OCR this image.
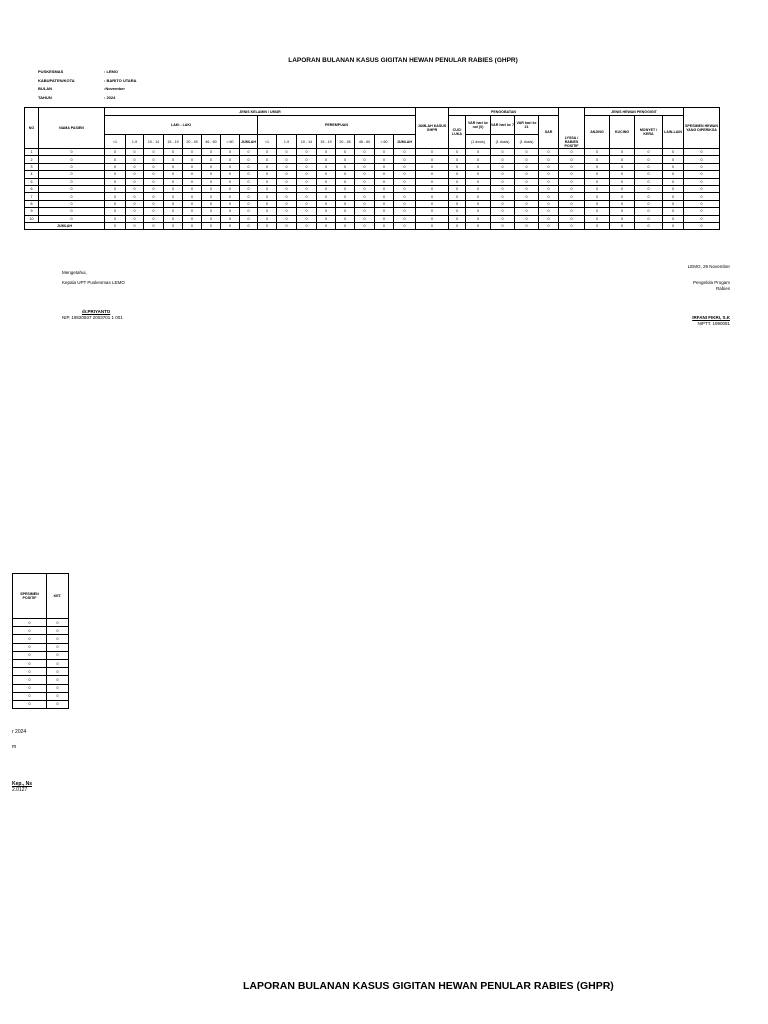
LAPORAN BULANAN KASUS GIGITAN HEWAN PENULAR RABIES (GHPR)
PUSKESMAS	: LEMO
KABUPATEN/KOTA	: BARITO UTARA
BULAN	:November
TAHUN	: 2024
NO	NAMA PASIEN	JENIS KELAMIN / UMUR																JUMLAH KASUS GHPR	PENGOBATAN					LYSSA / RABIES POSITIF	JENIS HEWAN PENGGIGIT				SPESIMEN HEWAN YANG DIPERIKSA
		LAKI - LAKI								PEREMPUAN									CUCI LUKA	VAR hari ke nol (0)	VAR hari ke 7	VAR hari ke 21	SAR		ANJING	KUCING	MONYET / KERA	LAIN-LAIN	
		<1	1-9	10 - 14	15 - 19	20 - 45	46 - 60	> 60	JUMLAH	<1	1-9	10 - 14	15 - 19	20 - 45	46 - 60	> 60	JUMLAH			(1 dosis)	(1 dosis)	(1 dosis)							
1	0	0	0	0	0	0	0	0	0	0	0	0	0	0	0	0	0	0	0	0	0	0	0	0	0	0	0	0	0
2	0	0	0	0	0	0	0	0	0	0	0	0	0	0	0	0	0	0	0	0	0	0	0	0	0	0	0	0	0
3	0	0	0	0	0	0	0	0	0	0	0	0	0	0	0	0	0	0	0	0	0	0	0	0	0	0	0	0	0
4	0	0	0	0	0	0	0	0	0	0	0	0	0	0	0	0	0	0	0	0	0	0	0	0	0	0	0	0	0
5	0	0	0	0	0	0	0	0	0	0	0	0	0	0	0	0	0	0	0	0	0	0	0	0	0	0	0	0	0
6	0	0	0	0	0	0	0	0	0	0	0	0	0	0	0	0	0	0	0	0	0	0	0	0	0	0	0	0	0
7	0	0	0	0	0	0	0	0	0	0	0	0	0	0	0	0	0	0	0	0	0	0	0	0	0	0	0	0	0
8	0	0	0	0	0	0	0	0	0	0	0	0	0	0	0	0	0	0	0	0	0	0	0	0	0	0	0	0	0
9	0	0	0	0	0	0	0	0	0	0	0	0	0	0	0	0	0	0	0	0	0	0	0	0	0	0	0	0	0
10	0	0	0	0	0	0	0	0	0	0	0	0	0	0	0	0	0	0	0	0	0	0	0	0	0	0	0	0	0
JUMLAH		0	0	0	0	0	0	0	0	0	0	0	0	0	0	0	0	0	0	0	0	0	0	0	0	0	0	0	0
Mengetahui,
Kepala UPT Puskesmas LEMO
dr.PRIYANTO
NIP. 19820507 2003701 1 001
LEMO, 29 November
Pengelola Progam
Rabies
IRFANI FIKRI, S.K
NIPTT. 1990081
SPESIMEN POSITIF	KET.
0	0
0	0
0	0
0	0
0	0
0	0
0	0
0	0
0	0
0	0
0	0
r 2024
m
Kep., Ns
2.0127
LAPORAN BULANAN KASUS GIGITAN HEWAN PENULAR RABIES (GHPR)
